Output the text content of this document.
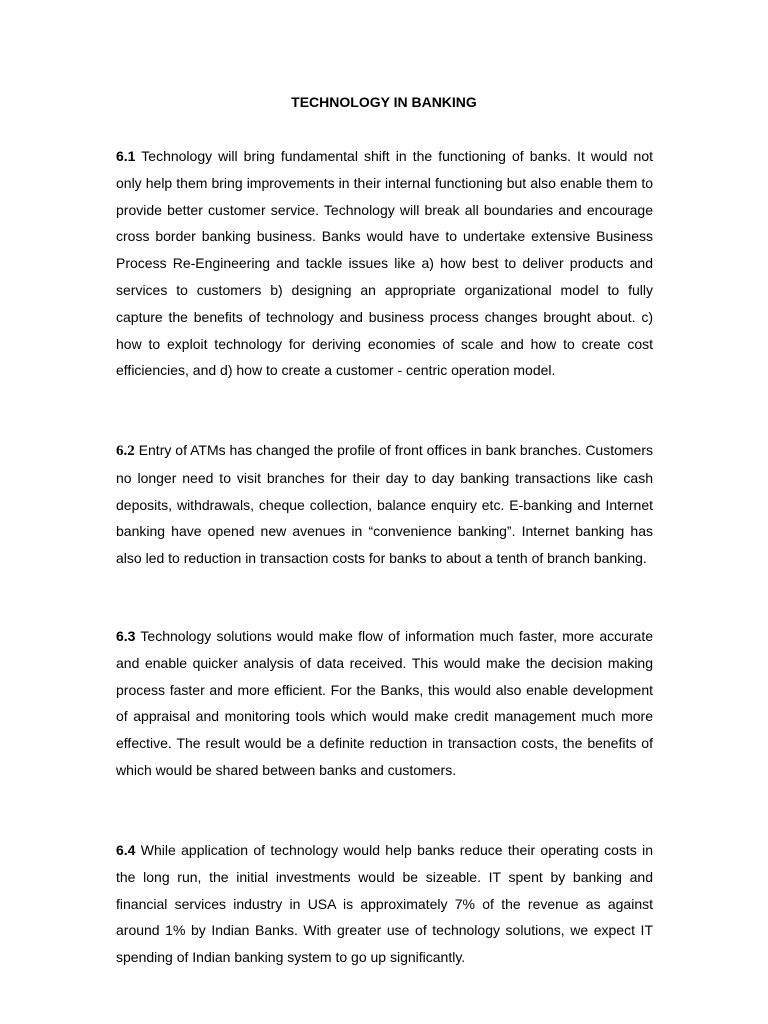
TECHNOLOGY IN BANKING

6.1 Technology will bring fundamental shift in the functioning of banks. It would not only help them bring improvements in their internal functioning but also enable them to provide better customer service. Technology will break all boundaries and encourage cross border banking business. Banks would have to undertake extensive Business Process Re-Engineering and tackle issues like a) how best to deliver products and services to customers b) designing an appropriate organizational model to fully capture the benefits of technology and business process changes brought about. c) how to exploit technology for deriving economies of scale and how to create cost efficiencies, and d) how to create a customer - centric operation model.

6.2 Entry of ATMs has changed the profile of front offices in bank branches. Customers no longer need to visit branches for their day to day banking transactions like cash deposits, withdrawals, cheque collection, balance enquiry etc. E-banking and Internet banking have opened new avenues in “convenience banking”. Internet banking has also led to reduction in transaction costs for banks to about a tenth of branch banking.

6.3 Technology solutions would make flow of information much faster, more accurate and enable quicker analysis of data received. This would make the decision making process faster and more efficient. For the Banks, this would also enable development of appraisal and monitoring tools which would make credit management much more effective. The result would be a definite reduction in transaction costs, the benefits of which would be shared between banks and customers.

6.4 While application of technology would help banks reduce their operating costs in the long run, the initial investments would be sizeable. IT spent by banking and financial services industry in USA is approximately 7% of the revenue as against around 1% by Indian Banks. With greater use of technology solutions, we expect IT spending of Indian banking system to go up significantly.
